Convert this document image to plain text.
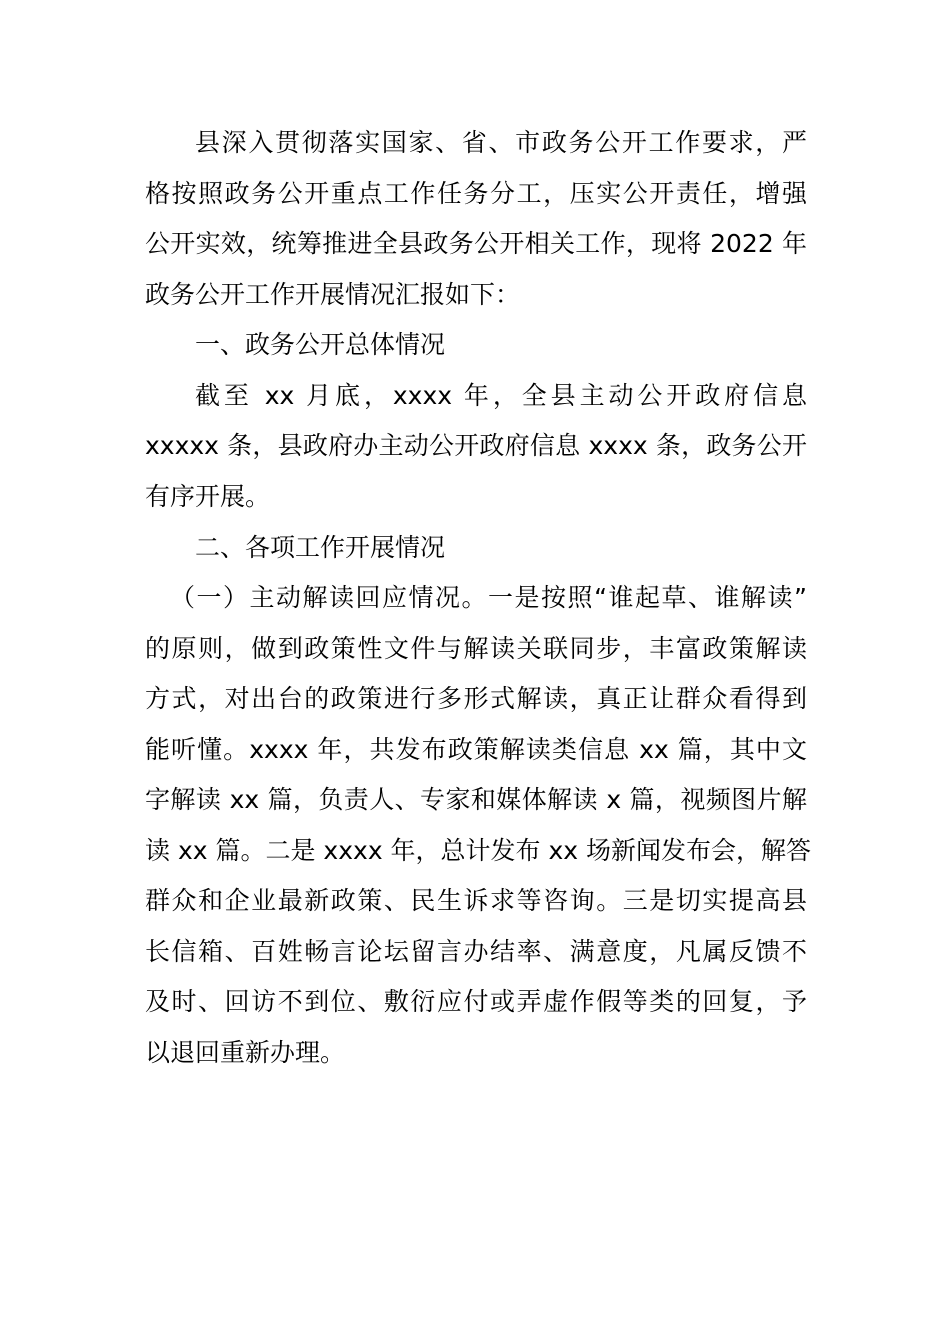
县深入贯彻落实国家、省、市政务公开工作要求，严
格按照政务公开重点工作任务分工，压实公开责任，增强
公开实效，统筹推进全县政务公开相关工作，现将 2022 年
政务公开工作开展情况汇报如下：
一、政务公开总体情况
截至 xx 月底，xxxx 年，全县主动公开政府信息
xxxxx 条，县政府办主动公开政府信息 xxxx 条，政务公开
有序开展。
二、各项工作开展情况
（一）主动解读回应情况。一是按照“谁起草、谁解读”
的原则，做到政策性文件与解读关联同步，丰富政策解读
方式，对出台的政策进行多形式解读，真正让群众看得到
能听懂。xxxx 年，共发布政策解读类信息 xx 篇，其中文
字解读 xx 篇，负责人、专家和媒体解读 x 篇，视频图片解
读 xx 篇。二是 xxxx 年，总计发布 xx 场新闻发布会，解答
群众和企业最新政策、民生诉求等咨询。三是切实提高县
长信箱、百姓畅言论坛留言办结率、满意度，凡属反馈不
及时、回访不到位、敷衍应付或弄虚作假等类的回复，予
以退回重新办理。
